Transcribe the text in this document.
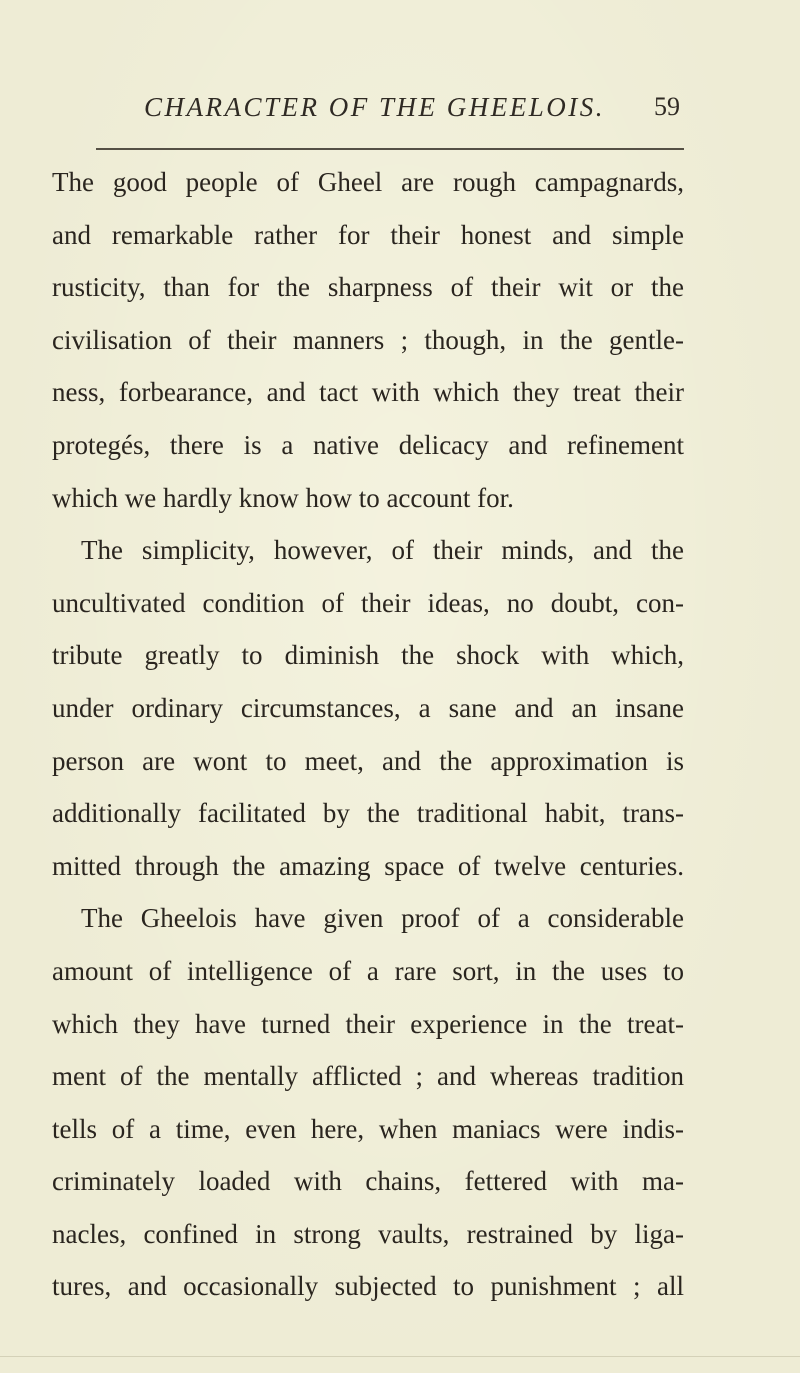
CHARACTER OF THE GHEELOIS. 59
The good people of Gheel are rough campagnards,
and remarkable rather for their honest and simple
rusticity, than for the sharpness of their wit or the
civilisation of their manners ; though, in the gentle-
ness, forbearance, and tact with which they treat their
protegés, there is a native delicacy and refinement
which we hardly know how to account for.
The simplicity, however, of their minds, and the
uncultivated condition of their ideas, no doubt, con-
tribute greatly to diminish the shock with which,
under ordinary circumstances, a sane and an insane
person are wont to meet, and the approximation is
additionally facilitated by the traditional habit, trans-
mitted through the amazing space of twelve centuries.
The Gheelois have given proof of a considerable
amount of intelligence of a rare sort, in the uses to
which they have turned their experience in the treat-
ment of the mentally afflicted ; and whereas tradition
tells of a time, even here, when maniacs were indis-
criminately loaded with chains, fettered with ma-
nacles, confined in strong vaults, restrained by liga-
tures, and occasionally subjected to punishment ; all
